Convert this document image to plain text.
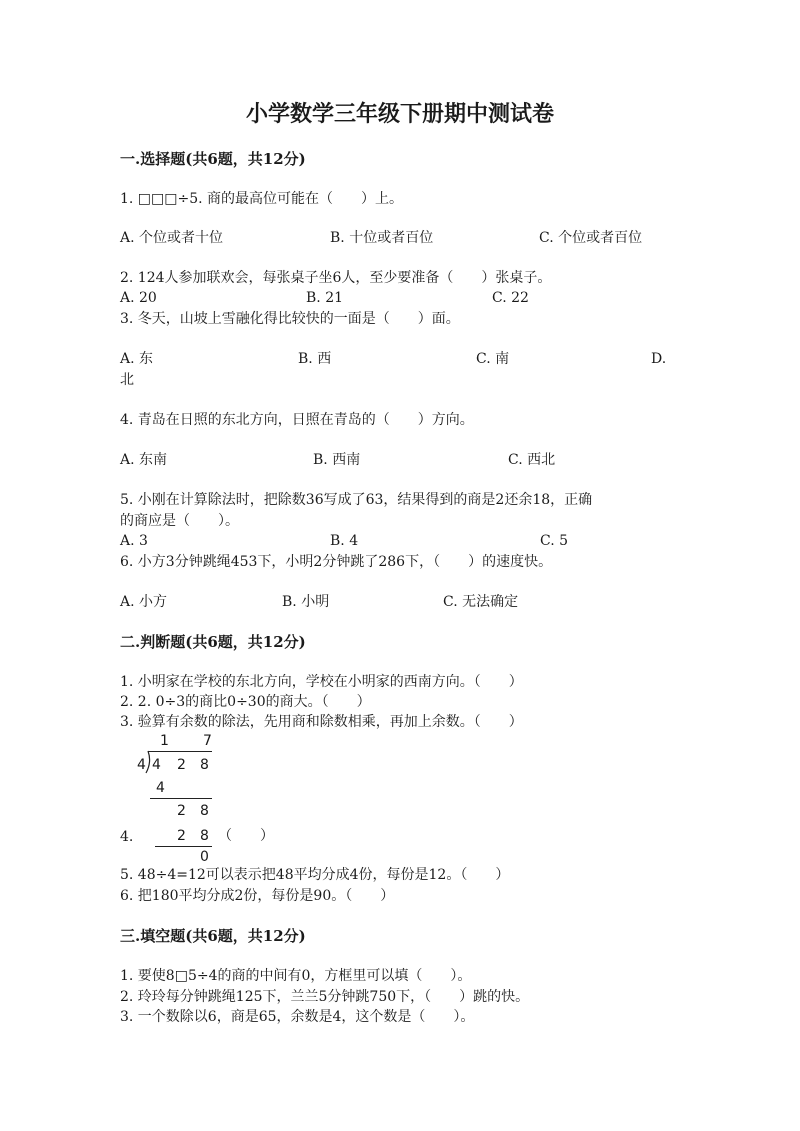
小学数学三年级下册期中测试卷
一.选择题(共6题，共12分)
1. □□□÷5. 商的最高位可能在（　　）上。
A. 个位或者十位	B. 十位或者百位	C. 个位或者百位
2. 124人参加联欢会，每张桌子坐6人，至少要准备（　　）张桌子。
A. 20	B. 21	C. 22
3. 冬天，山坡上雪融化得比较快的一面是（　　）面。
A. 东	B. 西	C. 南	D.
北
4. 青岛在日照的东北方向，日照在青岛的（　　）方向。
A. 东南	B. 西南	C. 西北
5. 小刚在计算除法时，把除数36写成了63，结果得到的商是2还余18，正确
的商应是（　　）。
A. 3	B. 4	C. 5
6. 小方3分钟跳绳453下，小明2分钟跳了286下，（　　）的速度快。
A. 小方	B. 小明	C. 无法确定
二.判断题(共6题，共12分)
1. 小明家在学校的东北方向，学校在小明家的西南方向。（　　）
2. 2. 0÷3的商比0÷30的商大。（　　）
3. 验算有余数的除法，先用商和除数相乘，再加上余数。（　　）
1 7
4 4 2 8
4
2 8
4.	2 8 （　　）
0
5. 48÷4=12可以表示把48平均分成4份，每份是12。（　　）
6. 把180平均分成2份，每份是90。（　　）
三.填空题(共6题，共12分)
1. 要使8□5÷4的商的中间有0，方框里可以填（　　）。
2. 玲玲每分钟跳绳125下，兰兰5分钟跳750下，（　　）跳的快。
3. 一个数除以6，商是65，余数是4，这个数是（　　）。
